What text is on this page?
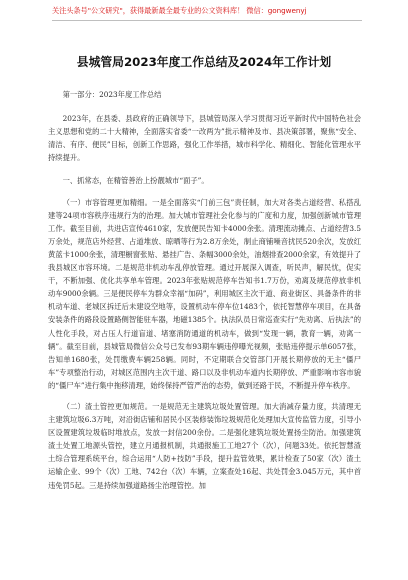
关注头条号"公文研究"，获得最新最全最专业的公文资料库！ 微信：gongwenyj
县城管局2023年度工作总结及2024年工作计划

第一部分：2023年度工作总结

2023年，在县委、县政府的正确领导下，县城管局深入学习贯彻习近平新时代中国特色社会主义思想和党的二十大精神，全面落实省委“一改两为”批示精神及市、县决策部署，聚焦“安全、清洁、有序、便民”目标，创新工作思路，强化工作举措，城市科学化、精细化、智能化管理水平持续提升。

一、抓常态，在精管善治上扮靓城市“面子”。

（一）市容管理更加精细。一是全面落实“门前三包”责任制，加大对各类占道经营、私搭乱建等24项市容秩序违规行为的治理。加大城市管理社会化参与的广度和力度，加强创新城市管理工作。截至目前，共进店宣传4610家，发放便民告知卡4000余张。清理流动摊点、占道经营3.5万余处，规范店外经营、占道堆放、晾晒等行为2.8万余处，制止商铺噪音扰民520余次，发放红黄蓝卡1000余张，清理橱窗张贴、悬挂广告、条幅3000余处，油烟排查2000余家，有效提升了我县城区市容环境。二是规范非机动车乱停放管理。通过开展深入调查，听民声，解民忧，促实干，不断加强、优化共享单车管理。2023年张贴规范停车告知书1.7万份，劝离及规范停放非机动车9000余辆。三是便民停车为群众幸福“加码”，利用城区主次干道、商业街区、具备条件的非机动车道、老城区拆迁后未建设空地等，设置机动车停车位1483个，依托智慧停车项目，在具备安装条件的路段设置路侧智能驻车器，地磁1385个。执法队员日常巡查实行“先劝离、后执法”的人性化手段，对占压人行道盲道、堵塞消防通道的机动车，做到“发现一辆，教育一辆，劝离一辆”。截至目前，县城管局微信公众号已发布93期车辆违停曝光视频，张贴违停提示单6057张，告知单1680张，处罚缴费车辆258辆。同时，不定期联合交管部门开展长期停放的无主“僵尸车”专项整治行动，对城区范围内主次干道、路口以及非机动车道内长期停放、严重影响市容市貌的“僵尸车”进行集中拖移清理，始终保持严管严治的态势，做到还路于民，不断提升停车秩序。

（二）渣土管控更加规范。一是规范无主建筑垃圾处置管理。加大消减存量力度，共清理无主建筑垃圾6.3万吨，对沿街店铺和居民小区装修装饰垃圾规范化处理加大宣传监管力度，引导小区设置建筑垃圾临时堆放点，发放一封信200余份。二是强化建筑垃圾处置扬尘防治。加强建筑渣土处置工地源头管控，建立月通报机制，共通报施工工地27个（次），问题33处。依托智慧渣土综合管理系统平台，综合运用“人防+技防”手段，提升监管效果，累计检查了50家（次）渣土运输企业、99个（次）工地、742台（次）车辆，立案查处16起、共处罚金3.045万元，其中首违免罚5起。三是持续加强道路扬尘治理管控。加
